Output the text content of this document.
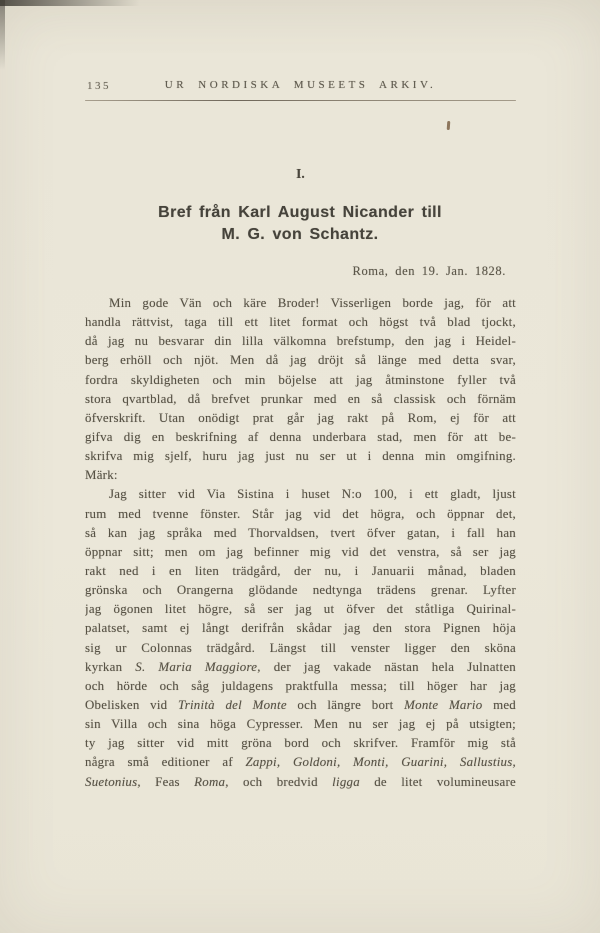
135	UR NORDISKA MUSEETS ARKIV.
I.
Bref från Karl August Nicander till
M. G. von Schantz.
Roma, den 19. Jan. 1828.
Min gode Vän och käre Broder! Visserligen borde jag, för att
handla rättvist, taga till ett litet format och högst två blad tjockt,
då jag nu besvarar din lilla välkomna brefstump, den jag i Heidel-
berg erhöll och njöt. Men då jag dröjt så länge med detta svar,
fordra skyldigheten och min böjelse att jag åtminstone fyller två
stora qvartblad, då brefvet prunkar med en så classisk och förnäm
öfverskrift. Utan onödigt prat går jag rakt på Rom, ej för att
gifva dig en beskrifning af denna underbara stad, men för att be-
skrifva mig sjelf, huru jag just nu ser ut i denna min omgifning.
Märk:
Jag sitter vid Via Sistina i huset N:o 100, i ett gladt, ljust
rum med tvenne fönster. Står jag vid det högra, och öppnar det,
så kan jag språka med Thorvaldsen, tvert öfver gatan, i fall han
öppnar sitt; men om jag befinner mig vid det venstra, så ser jag
rakt ned i en liten trädgård, der nu, i Januarii månad, bladen
grönska och Orangerna glödande nedtynga trädens grenar. Lyfter
jag ögonen litet högre, så ser jag ut öfver det ståtliga Quirinal-
palatset, samt ej långt derifrån skådar jag den stora Pignen höja
sig ur Colonnas trädgård. Längst till venster ligger den sköna
kyrkan S. Maria Maggiore, der jag vakade nästan hela Julnatten
och hörde och såg juldagens praktfulla messa; till höger har jag
Obelisken vid Trinità del Monte och längre bort Monte Mario med
sin Villa och sina höga Cypresser. Men nu ser jag ej på utsigten;
ty jag sitter vid mitt gröna bord och skrifver. Framför mig stå
några små editioner af Zappi, Goldoni, Monti, Guarini, Sallustius,
Suetonius, Feas Roma, och bredvid ligga de litet volumineusare
